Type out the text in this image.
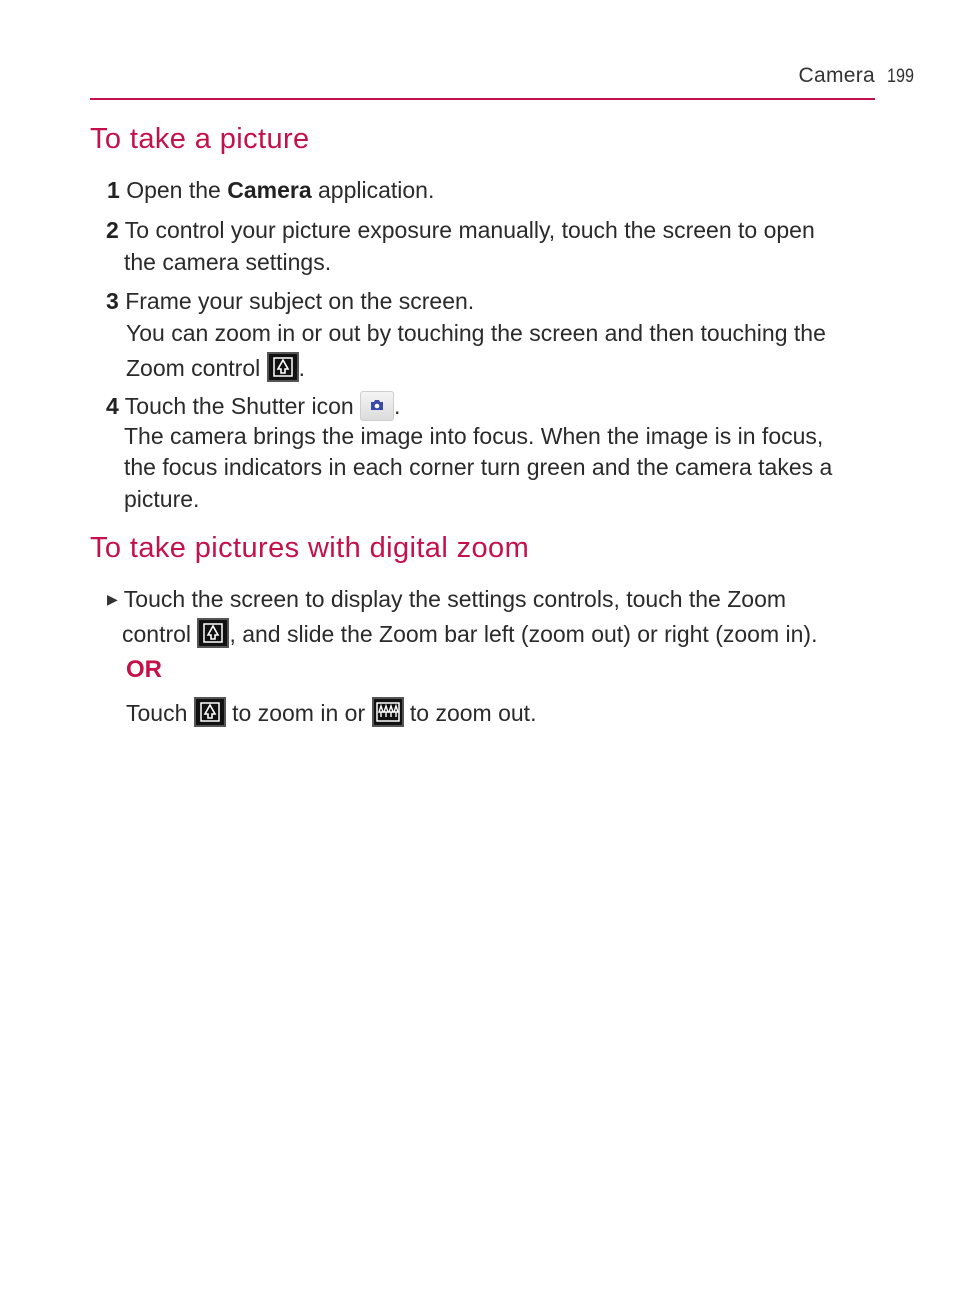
Camera 199
To take a picture
1 Open the Camera application.
2 To control your picture exposure manually, touch the screen to open
the camera settings.
3 Frame your subject on the screen.
You can zoom in or out by touching the screen and then touching the
Zoom control .
4 Touch the Shutter icon .
The camera brings the image into focus. When the image is in focus,
the focus indicators in each corner turn green and the camera takes a
picture.
To take pictures with digital zoom
▶ Touch the screen to display the settings controls, touch the Zoom
control , and slide the Zoom bar left (zoom out) or right (zoom in).
OR
Touch to zoom in or to zoom out.
